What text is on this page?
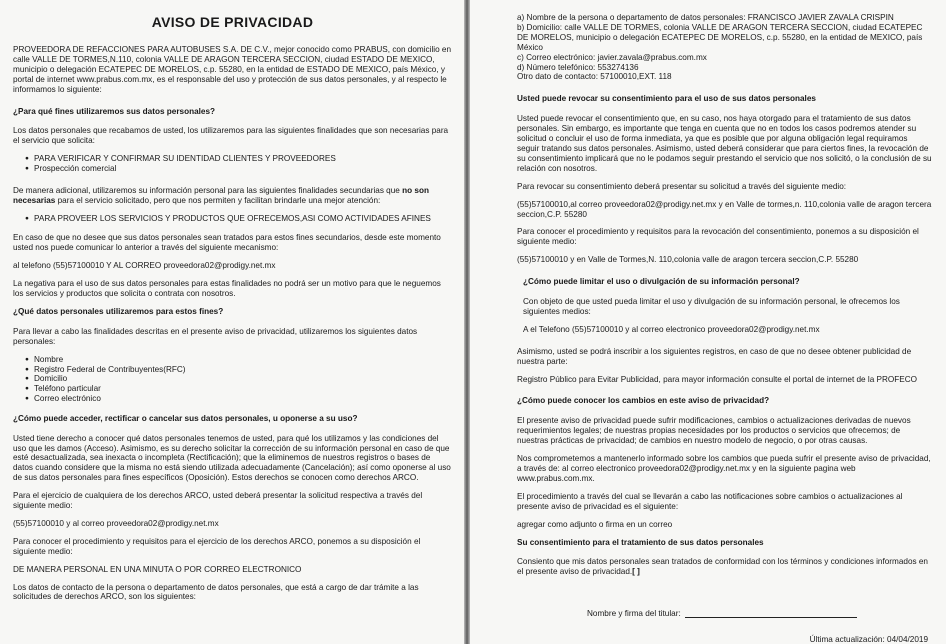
AVISO DE PRIVACIDAD

PROVEEDORA DE REFACCIONES PARA AUTOBUSES S.A. DE C.V., mejor conocido como PRABUS, con domicilio en calle VALLE DE TORMES,N.110, colonia VALLE DE ARAGON TERCERA SECCION, ciudad ESTADO DE MEXICO, municipio o delegación ECATEPEC DE MORELOS, c.p. 55280, en la entidad de ESTADO DE MEXICO, país México, y portal de internet www.prabus.com.mx, es el responsable del uso y protección de sus datos personales, y al respecto le informamos lo siguiente:

¿Para qué fines utilizaremos sus datos personales?

Los datos personales que recabamos de usted, los utilizaremos para las siguientes finalidades que son necesarias para el servicio que solicita:

● PARA VERIFICAR Y CONFIRMAR SU IDENTIDAD CLIENTES Y PROVEEDORES
● Prospección comercial

De manera adicional, utilizaremos su información personal para las siguientes finalidades secundarias que no son necesarias para el servicio solicitado, pero que nos permiten y facilitan brindarle una mejor atención:

● PARA PROVEER LOS SERVICIOS Y PRODUCTOS QUE OFRECEMOS,ASI COMO ACTIVIDADES AFINES

En caso de que no desee que sus datos personales sean tratados para estos fines secundarios, desde este momento usted nos puede comunicar lo anterior a través del siguiente mecanismo:

al telefono (55)57100010 Y AL CORREO proveedora02@prodigy.net.mx

La negativa para el uso de sus datos personales para estas finalidades no podrá ser un motivo para que le neguemos los servicios y productos que solicita o contrata con nosotros.

¿Qué datos personales utilizaremos para estos fines?

Para llevar a cabo las finalidades descritas en el presente aviso de privacidad, utilizaremos los siguientes datos personales:

● Nombre
● Registro Federal de Contribuyentes(RFC)
● Domicilio
● Teléfono particular
● Correo electrónico

¿Cómo puede acceder, rectificar o cancelar sus datos personales, u oponerse a su uso?

Usted tiene derecho a conocer qué datos personales tenemos de usted, para qué los utilizamos y las condiciones del uso que les damos (Acceso). Asimismo, es su derecho solicitar la corrección de su información personal en caso de que esté desactualizada, sea inexacta o incompleta (Rectificación); que la eliminemos de nuestros registros o bases de datos cuando considere que la misma no está siendo utilizada adecuadamente (Cancelación); así como oponerse al uso de sus datos personales para fines específicos (Oposición). Estos derechos se conocen como derechos ARCO.

Para el ejercicio de cualquiera de los derechos ARCO, usted deberá presentar la solicitud respectiva a través del siguiente medio:

(55)57100010 y al correo proveedora02@prodigy.net.mx

Para conocer el procedimiento y requisitos para el ejercicio de los derechos ARCO, ponemos a su disposición el siguiente medio:

DE MANERA PERSONAL EN UNA MINUTA O POR CORREO ELECTRONICO

Los datos de contacto de la persona o departamento de datos personales, que está a cargo de dar trámite a las solicitudes de derechos ARCO, son los siguientes:

a) Nombre de la persona o departamento de datos personales: FRANCISCO JAVIER ZAVALA CRISPIN

b) Domicilio: calle VALLE DE TORMES, colonia VALLE DE ARAGON TERCERA SECCION, ciudad ECATEPEC DE MORELOS, municipio o delegación ECATEPEC DE MORELOS, c.p. 55280, en la entidad de MEXICO, país México

c) Correo electrónico: javier.zavala@prabus.com.mx

d) Número telefónico: 553274136

Otro dato de contacto: 57100010,EXT. 118

Usted puede revocar su consentimiento para el uso de sus datos personales

Usted puede revocar el consentimiento que, en su caso, nos haya otorgado para el tratamiento de sus datos personales. Sin embargo, es importante que tenga en cuenta que no en todos los casos podremos atender su solicitud o concluir el uso de forma inmediata, ya que es posible que por alguna obligación legal requiramos seguir tratando sus datos personales. Asimismo, usted deberá considerar que para ciertos fines, la revocación de su consentimiento implicará que no le podamos seguir prestando el servicio que nos solicitó, o la conclusión de su relación con nosotros.

Para revocar su consentimiento deberá presentar su solicitud a través del siguiente medio:

(55)57100010,al correo proveedora02@prodigy.net.mx y en Valle de tormes,n. 110,colonia valle de aragon tercera seccion,C.P. 55280

Para conocer el procedimiento y requisitos para la revocación del consentimiento, ponemos a su disposición el siguiente medio:

(55)57100010 y en Valle de Tormes,N. 110,colonia valle de aragon tercera seccion,C.P. 55280

¿Cómo puede limitar el uso o divulgación de su información personal?

Con objeto de que usted pueda limitar el uso y divulgación de su información personal, le ofrecemos los siguientes medios:

A el Telefono (55)57100010 y al correo electronico proveedora02@prodigy.net.mx

Asimismo, usted se podrá inscribir a los siguientes registros, en caso de que no desee obtener publicidad de nuestra parte:

Registro Público para Evitar Publicidad, para mayor información consulte el portal de internet de la PROFECO

¿Cómo puede conocer los cambios en este aviso de privacidad?

El presente aviso de privacidad puede sufrir modificaciones, cambios o actualizaciones derivadas de nuevos requerimientos legales; de nuestras propias necesidades por los productos o servicios que ofrecemos; de nuestras prácticas de privacidad; de cambios en nuestro modelo de negocio, o por otras causas.

Nos comprometemos a mantenerlo informado sobre los cambios que pueda sufrir el presente aviso de privacidad, a través de: al correo electronico proveedora02@prodigy.net.mx y en la siguiente pagina web www.prabus.com.mx.

El procedimiento a través del cual se llevarán a cabo las notificaciones sobre cambios o actualizaciones al presente aviso de privacidad es el siguiente:

agregar como adjunto o firma en un correo

Su consentimiento para el tratamiento de sus datos personales

Consiento que mis datos personales sean tratados de conformidad con los términos y condiciones informados en el presente aviso de privacidad.[ ]

Nombre y firma del titular:
Última actualización: 04/04/2019
